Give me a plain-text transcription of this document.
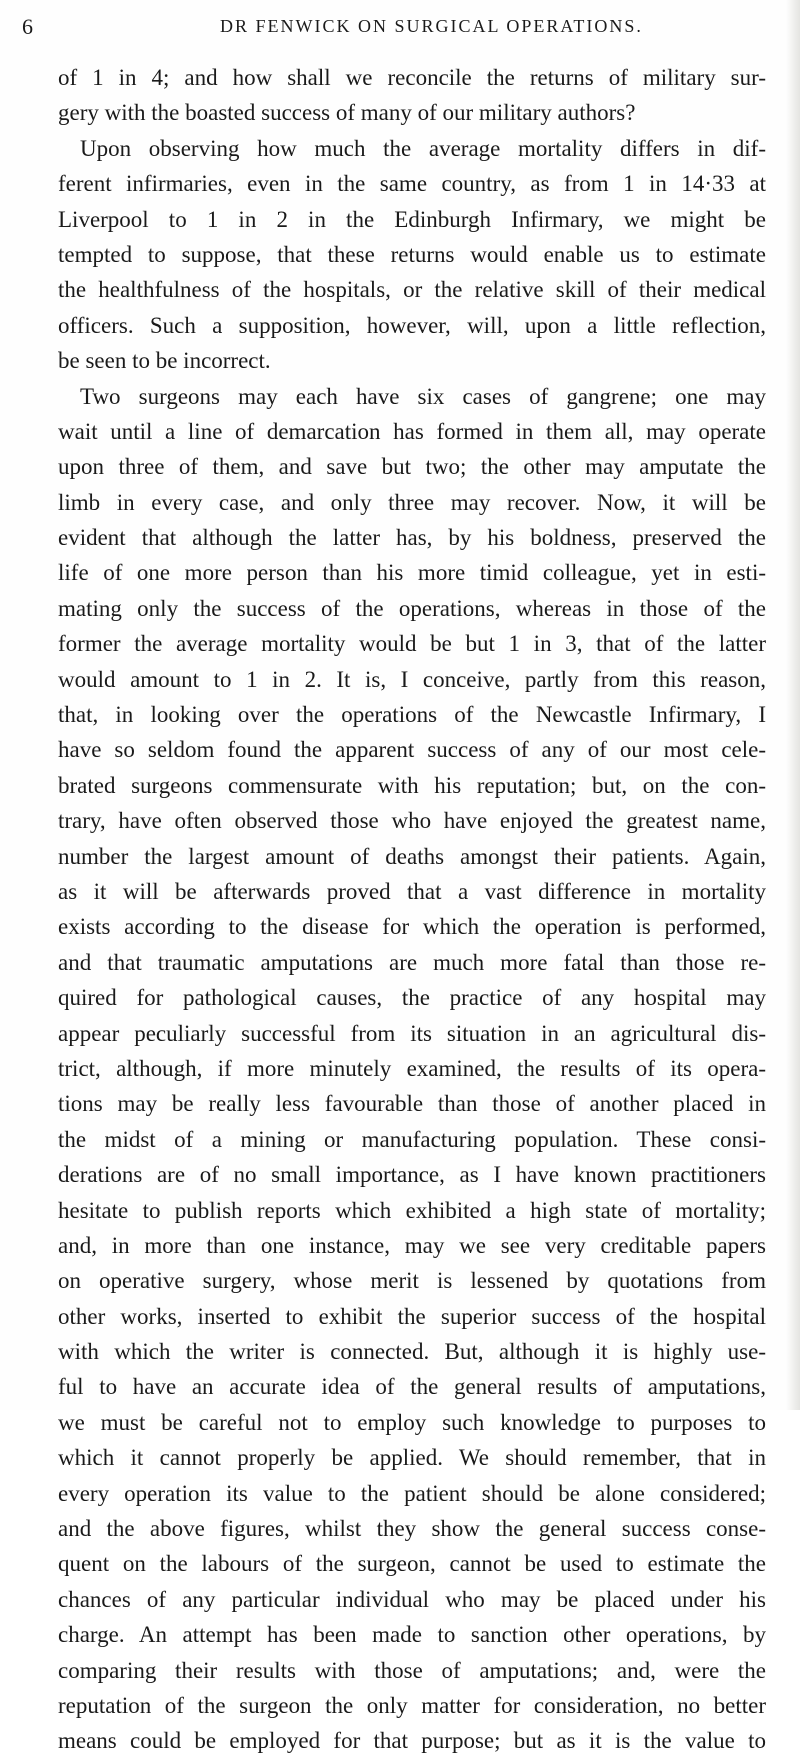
6	DR FENWICK ON SURGICAL OPERATIONS.
of 1 in 4; and how shall we reconcile the returns of military sur-
gery with the boasted success of many of our military authors?
Upon observing how much the average mortality differs in dif-
ferent infirmaries, even in the same country, as from 1 in 14·33 at
Liverpool to 1 in 2 in the Edinburgh Infirmary, we might be
tempted to suppose, that these returns would enable us to estimate
the healthfulness of the hospitals, or the relative skill of their medical
officers. Such a supposition, however, will, upon a little reflection,
be seen to be incorrect.
Two surgeons may each have six cases of gangrene; one may
wait until a line of demarcation has formed in them all, may operate
upon three of them, and save but two; the other may amputate the
limb in every case, and only three may recover. Now, it will be
evident that although the latter has, by his boldness, preserved the
life of one more person than his more timid colleague, yet in esti-
mating only the success of the operations, whereas in those of the
former the average mortality would be but 1 in 3, that of the latter
would amount to 1 in 2. It is, I conceive, partly from this reason,
that, in looking over the operations of the Newcastle Infirmary, I
have so seldom found the apparent success of any of our most cele-
brated surgeons commensurate with his reputation; but, on the con-
trary, have often observed those who have enjoyed the greatest name,
number the largest amount of deaths amongst their patients. Again,
as it will be afterwards proved that a vast difference in mortality
exists according to the disease for which the operation is performed,
and that traumatic amputations are much more fatal than those re-
quired for pathological causes, the practice of any hospital may
appear peculiarly successful from its situation in an agricultural dis-
trict, although, if more minutely examined, the results of its opera-
tions may be really less favourable than those of another placed in
the midst of a mining or manufacturing population. These consi-
derations are of no small importance, as I have known practitioners
hesitate to publish reports which exhibited a high state of mortality;
and, in more than one instance, may we see very creditable papers
on operative surgery, whose merit is lessened by quotations from
other works, inserted to exhibit the superior success of the hospital
with which the writer is connected. But, although it is highly use-
ful to have an accurate idea of the general results of amputations,
we must be careful not to employ such knowledge to purposes to
which it cannot properly be applied. We should remember, that in
every operation its value to the patient should be alone considered;
and the above figures, whilst they show the general success conse-
quent on the labours of the surgeon, cannot be used to estimate the
chances of any particular individual who may be placed under his
charge. An attempt has been made to sanction other operations, by
comparing their results with those of amputations; and, were the
reputation of the surgeon the only matter for consideration, no better
means could be employed for that purpose; but as it is the value to
